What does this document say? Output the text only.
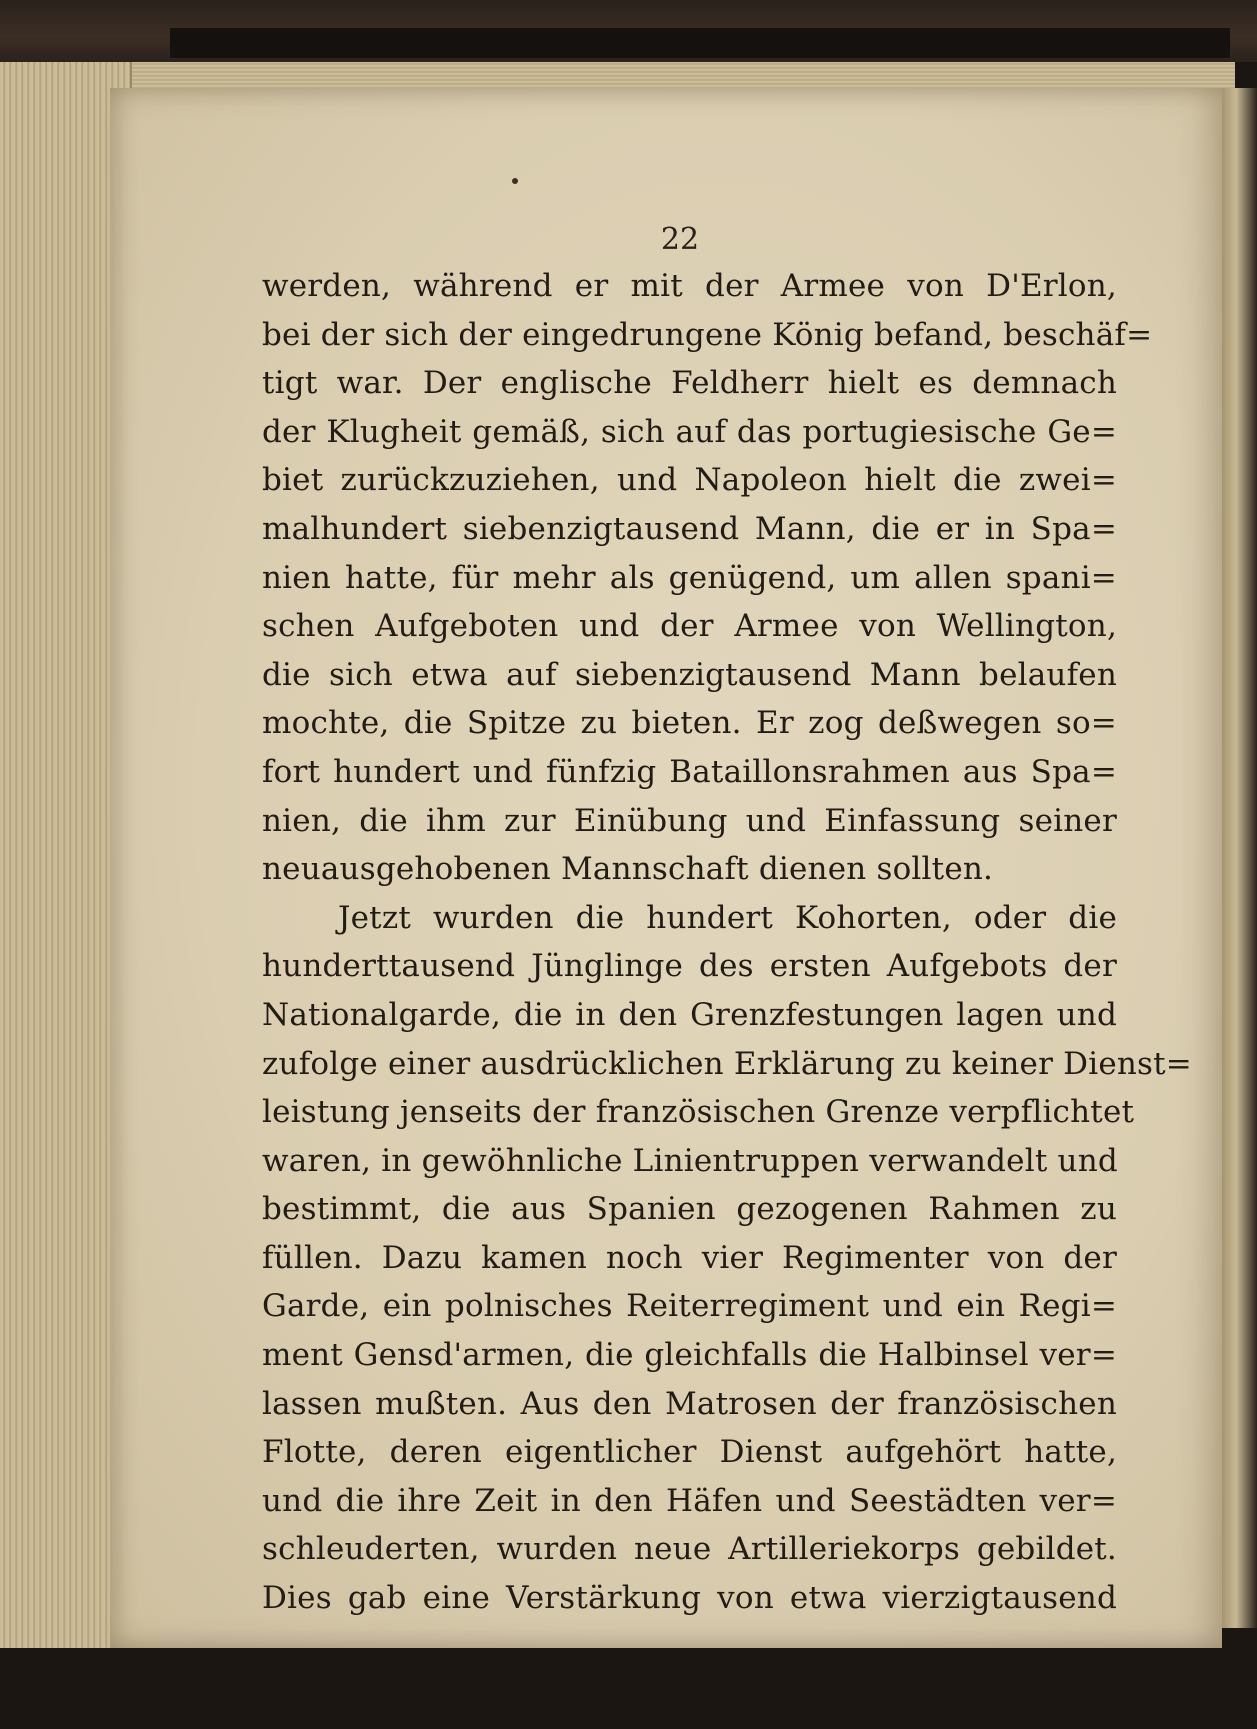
22
werden, während er mit der Armee von D'Erlon,
bei der sich der eingedrungene König befand, beschäf=
tigt war. Der englische Feldherr hielt es demnach
der Klugheit gemäß, sich auf das portugiesische Ge=
biet zurückzuziehen, und Napoleon hielt die zwei=
malhundert siebenzigtausend Mann, die er in Spa=
nien hatte, für mehr als genügend, um allen spani=
schen Aufgeboten und der Armee von Wellington,
die sich etwa auf siebenzigtausend Mann belaufen
mochte, die Spitze zu bieten. Er zog deßwegen so=
fort hundert und fünfzig Bataillonsrahmen aus Spa=
nien, die ihm zur Einübung und Einfassung seiner
neuausgehobenen Mannschaft dienen sollten.
Jetzt wurden die hundert Kohorten, oder die
hunderttausend Jünglinge des ersten Aufgebots der
Nationalgarde, die in den Grenzfestungen lagen und
zufolge einer ausdrücklichen Erklärung zu keiner Dienst=
leistung jenseits der französischen Grenze verpflichtet
waren, in gewöhnliche Linientruppen verwandelt und
bestimmt, die aus Spanien gezogenen Rahmen zu
füllen. Dazu kamen noch vier Regimenter von der
Garde, ein polnisches Reiterregiment und ein Regi=
ment Gensd'armen, die gleichfalls die Halbinsel ver=
lassen mußten. Aus den Matrosen der französischen
Flotte, deren eigentlicher Dienst aufgehört hatte,
und die ihre Zeit in den Häfen und Seestädten ver=
schleuderten, wurden neue Artilleriekorps gebildet.
Dies gab eine Verstärkung von etwa vierzigtausend
